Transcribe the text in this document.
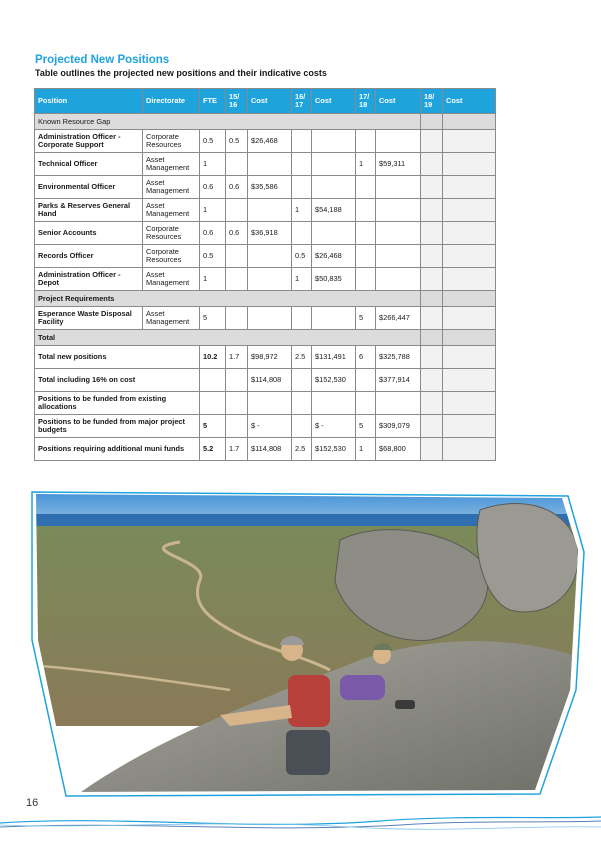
Projected New Positions
Table outlines the projected new positions and their indicative costs
Position	Directorate	FTE	15/ 16	Cost	16/ 17	Cost	17/ 18	Cost	18/ 19	Cost
Known Resource Gap										
Administration Officer - Corporate Support	Corporate Resources	0.5	0.5	$26,468						
Technical Officer	Asset Management	1					1	$59,311		
Environmental Officer	Asset Management	0.6	0.6	$35,586						
Parks & Reserves General Hand	Asset Management	1			1	$54,188				
Senior Accounts	Corporate Resources	0.6	0.6	$36,918						
Records Officer	Corporate Resources	0.5			0.5	$26,468				
Administration Officer - Depot	Asset Management	1			1	$50,835				
Project Requirements										
Esperance Waste Disposal Facility	Asset Management	5					5	$266,447		
Total										
Total new positions		10.2	1.7	$98,972	2.5	$131,491	6	$325,788		
Total including 16% on cost				$114,808		$152,530		$377,914		
Positions to be funded from existing allocations										
Positions to be funded from major project budgets		5		$ -		$ -	5	$309,079		
Positions requiring additional muni funds		5.2	1.7	$114,808	2.5	$152,530	1	$68,800		
16
